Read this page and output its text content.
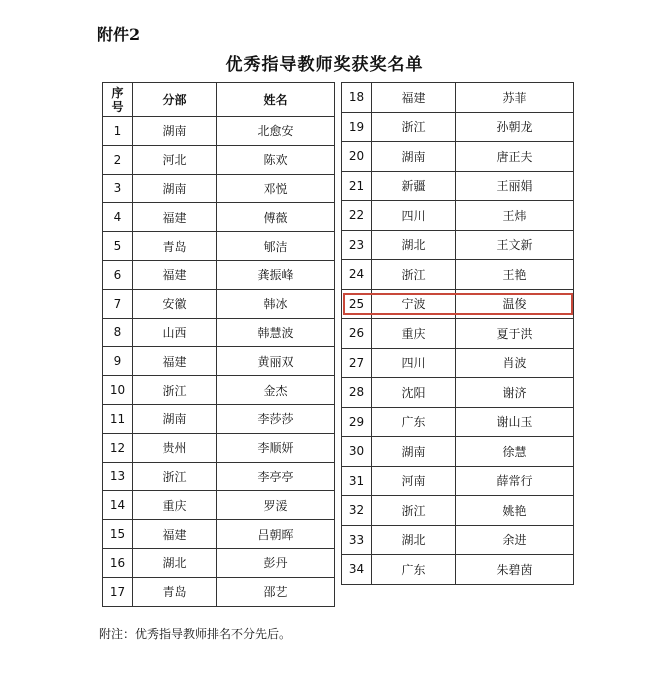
附件2
优秀指导教师奖获奖名单
序
号	分部	姓名
1	湖南	北愈安
2	河北	陈欢
3	湖南	邓悦
4	福建	傅薇
5	青岛	郇洁
6	福建	龚振峰
7	安徽	韩冰
8	山西	韩慧波
9	福建	黄丽双
10	浙江	金杰
11	湖南	李莎莎
12	贵州	李顺妍
13	浙江	李亭亭
14	重庆	罗湲
15	福建	吕朝晖
16	湖北	彭丹
17	青岛	邵艺
18	福建	苏菲
19	浙江	孙朝龙
20	湖南	唐正夫
21	新疆	王丽娟
22	四川	王炜
23	湖北	王文新
24	浙江	王艳
25	宁波	温俊
26	重庆	夏于洪
27	四川	肖波
28	沈阳	谢济
29	广东	谢山玉
30	湖南	徐慧
31	河南	薛常行
32	浙江	姚艳
33	湖北	余进
34	广东	朱碧茵
附注：优秀指导教师排名不分先后。
